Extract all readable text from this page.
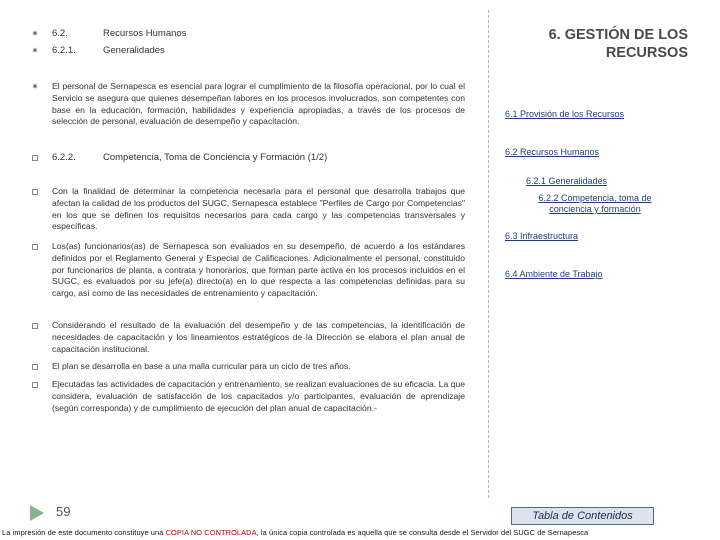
✷ 6.2.	Recursos Humanos
✷ 6.2.1.	Generalidades
✷ El personal de Sernapesca es esencial para lograr el cumplimiento de la filosofía operacional, por lo cual el Servicio se asegura que quienes desempeñan labores en los procesos involucrados, son competentes con base en la educación, formación, habilidades y experiencia apropiadas, a través de los procesos de selección de personal, evaluación de desempeño y capacitación.
6.2.2.	Competencia, Toma de Conciencia y Formación (1/2)
Con la finalidad de determinar la competencia necesaria para el personal que desarrolla trabajos que afectan la calidad de los productos del SUGC, Sernapesca establece "Perfiles de Cargo por Competencias" en los que se definen los requisitos necesarios para cada cargo y las competencias transversales y específicas.
Los(as) funcionarios(as) de Sernapesca son evaluados en su desempeño, de acuerdo a los estándares definidos por el Reglamento General y Especial de Calificaciones. Adicionalmente el personal, constituido por funcionarios de planta, a contrata y honorarios, que forman parte activa en los procesos incluidos en el SUGC, es evaluados por su jefe(a) directo(a) en lo que respecta a las competencias definidas para su cargo, así como de las necesidades de entrenamiento y capacitación.
Considerando el resultado de la evaluación del desempeño y de las competencias, la identificación de necesidades de capacitación y los lineamientos estratégicos de la Dirección se elabora el plan anual de capacitación institucional.
El plan se desarrolla en base a una malla curricular para un ciclo de tres años.
Ejecutadas las actividades de capacitación y entrenamiento, se realizan evaluaciones de su eficacia. La que considera, evaluación de satisfacción de los capacitados y/o participantes, evaluación de aprendizaje (según corresponda) y de cumplimiento de ejecución del plan anual de capacitación.-
6. GESTIÓN DE LOS
RECURSOS
6.1 Provisión de los Recursos
6.2 Recursos Humanos
6.2.1 Generalidades
6.2.2 Competencia, toma de conciencia y formación
6.3 Infraestructura
6.4 Ambiente de Trabajo
59	Tabla de Contenidos
La impresión de este documento constituye una COPIA NO CONTROLADA, la única copia controlada es aquella que se consulta desde el Servidor del SUGC de Sernapesca
